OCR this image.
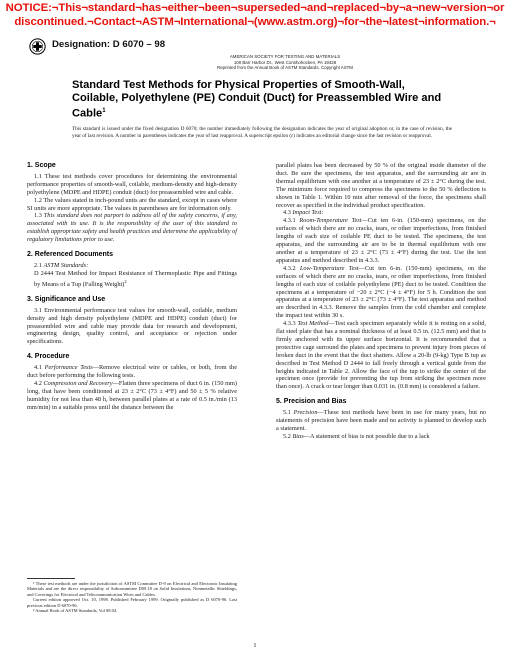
NOTICE:¬This¬standard¬has¬either¬been¬superseded¬and¬replaced¬by¬a¬new¬version¬or
discontinued.¬Contact¬ASTM¬International¬(www.astm.org)¬for¬the¬latest¬information.¬
Designation: D 6070 – 98
AMERICAN SOCIETY FOR TESTING AND MATERIALS
100 Barr Harbor Dr., West Conshohocken, PA 19428
Reprinted from the Annual Book of ASTM Standards. Copyright ASTM
Standard Test Methods for Physical Properties of Smooth-Wall, Coilable, Polyethylene (PE) Conduit (Duct) for Preassembled Wire and Cable$^1$
This standard is issued under the fixed designation D 6070; the number immediately following the designation indicates the year of original adoption or, in the case of revision, the year of last revision. A number in parentheses indicates the year of last reapproval. A superscript epsilon (ε) indicates an editorial change since the last revision or reapproval.
1. Scope

1.1 These test methods cover procedures for determining the environmental performance properties of smooth-wall, coilable, medium-density and high-density polyethylene (MDPE and HDPE) conduit (duct) for preassembled wire and cable.

1.2 The values stated in inch-pound units are the standard, except in cases where SI units are more appropriate. The values in parentheses are for information only.

1.3 This standard does not purport to address all of the safety concerns, if any, associated with its use. It is the responsibility of the user of this standard to establish appropriate safety and health practices and determine the applicability of regulatory limitations prior to use.

2. Referenced Documents

2.1 ASTM Standards:

D 2444 Test Method for Impact Resistance of Thermoplastic Pipe and Fittings by Means of a Tup (Falling Weight)$^2$

3. Significance and Use

3.1 Environmental performance test values for smooth-wall, coilable, medium density and high density polyethylene (MDPE and HDPE) conduit (duct) for preassembled wire and cable may provide data for research and development, engineering design, quality control, and acceptance or rejection under specifications.

4. Procedure

4.1 Performance Tests—Remove electrical wire or cables, or both, from the duct before performing the following tests.

4.2 Compression and Recovery—Flatten three specimens of duct 6 in. (150 mm) long, that have been conditioned at 23 ± 2°C (73 ± 4°F) and 50 ± 5 % relative humidity for not less than 48 h, between parallel plates at a rate of 0.5 in./min (13 mm/min) in a suitable press until the distance between the

¹ These test methods are under the jurisdiction of ASTM Committee D-9 on Electrical and Electronic Insulating Materials and are the direct responsibility of Subcommittee D09.18 on Solid Insulations, Nonmetallic Shieldings, and Coverings for Electrical and Telecommunication Wires and Cables.

Current edition approved Oct. 10, 1998. Published February 1999. Originally published as D 6070-96. Last previous edition D 6070-96.

² Annual Book of ASTM Standards, Vol 08.04.

parallel plates has been decreased by 50 % of the original inside diameter of the duct. Be sure the specimens, the test apparatus, and the surrounding air are in thermal equilibrium with one another at a temperature of 23 ± 2°C during the test. The minimum force required to compress the specimens to the 50 % deflection is shown in Table 1. Within 10 min after removal of the force, the specimens shall recover as specified in the individual product specification.

4.3 Impact Test:

4.3.1 Room-Temperature Test—Cut ten 6-in. (150-mm) specimens, on the surfaces of which there are no cracks, tears, or other imperfections, from finished lengths of each size of coilable PE duct to be tested. The specimens, the test apparatus, and the surrounding air are to be in thermal equilibrium with one another at a temperature of 23 ± 2°C (73 ± 4°F) during the test. Use the test apparatus and method described in 4.3.3.

4.3.2 Low-Temperature Test—Cut ten 6-in. (150-mm) specimens, on the surfaces of which there are no cracks, tears, or other imperfections, from finished lengths of each size of coilable polyethylene (PE) duct to be tested. Condition the specimens at a temperature of −20 ± 2°C (−4 ± 4°F) for 5 h. Condition the test apparatus at a temperature of 23 ± 2°C (73 ± 4°F). The test apparatus and method are described in 4.3.3. Remove the samples from the cold chamber and complete the impact test within 30 s.

4.3.3 Test Method—Test each specimen separately while it is resting on a solid, flat steel plate that has a nominal thickness of at least 0.5 in. (12.5 mm) and that is firmly anchored with its upper surface horizontal. It is recommended that a protective cage surround the plates and specimens to prevent injury from pieces of broken duct in the event that the duct shatters. Allow a 20-lb (9-kg) Type B tup as described in Test Method D 2444 to fall freely through a vertical guide from the heights indicated in Table 2. Allow the face of the tup to strike the center of the specimen once (provide for preventing the tup from striking the specimen more than once). A crack or tear longer than 0.031 in. (0.8 mm) is considered a failure.

5. Precision and Bias

5.1 Precision—These test methods have been in use for many years, but no statements of precision have been made and no activity is planned to develop such a statement.

5.2 Bias—A statement of bias is not possible due to a lack

1
